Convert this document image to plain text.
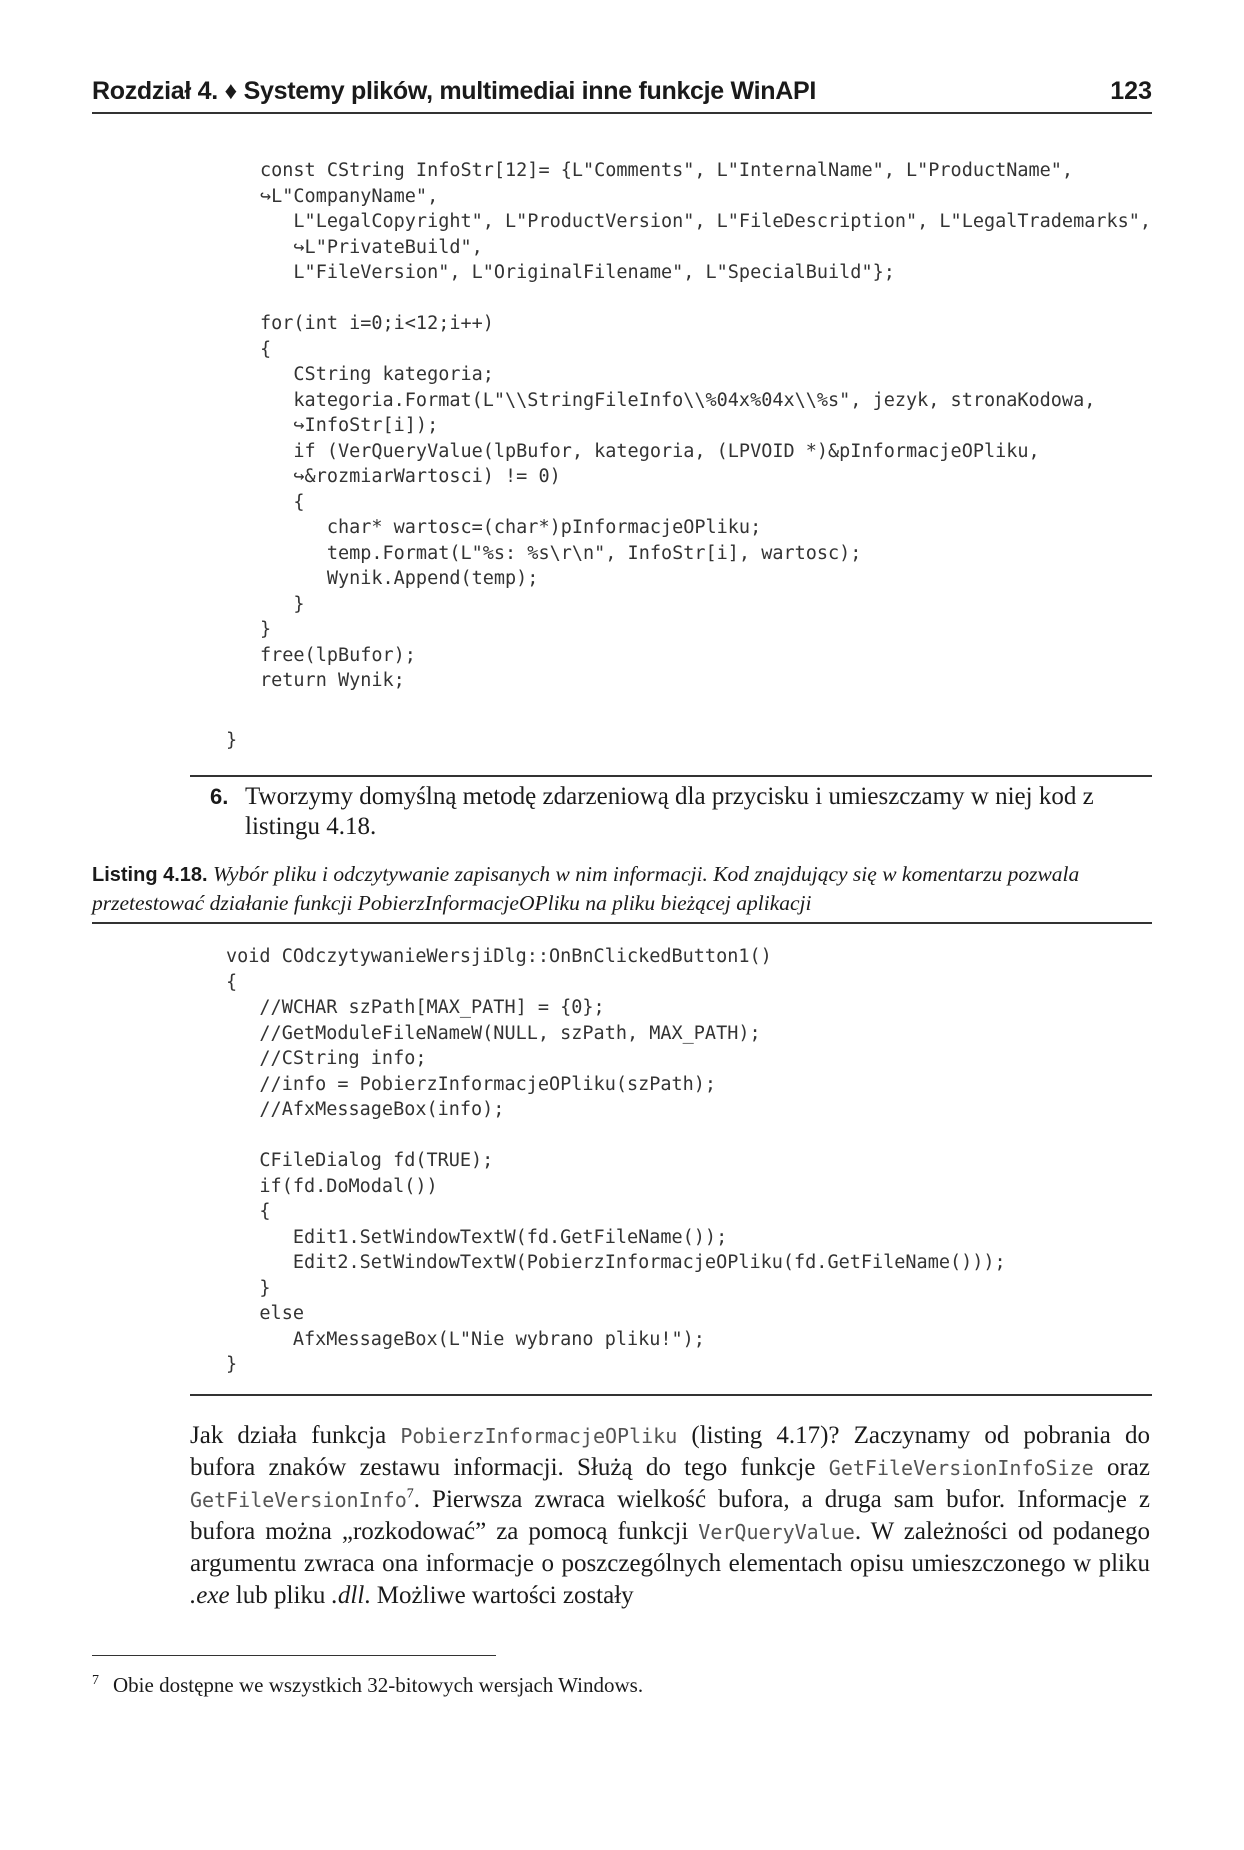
Rozdział 4. ♦ Systemy plików, multimediai inne funkcje WinAPI	123
const CString InfoStr[12]= {L"Comments", L"InternalName", L"ProductName",
↪L"CompanyName",
L"LegalCopyright", L"ProductVersion", L"FileDescription", L"LegalTrademarks",
↪L"PrivateBuild",
L"FileVersion", L"OriginalFilename", L"SpecialBuild"};
for(int i=0;i<12;i++)
{
CString kategoria;
kategoria.Format(L"\\StringFileInfo\\%04x%04x\\%s", jezyk, stronaKodowa,
↪InfoStr[i]);
if (VerQueryValue(lpBufor, kategoria, (LPVOID *)&pInformacjeOPliku,
↪&rozmiarWartosci) != 0)
{
char* wartosc=(char*)pInformacjeOPliku;
temp.Format(L"%s: %s\r\n", InfoStr[i], wartosc);
Wynik.Append(temp);
}
}
free(lpBufor);
return Wynik;
}
6. Tworzymy domyślną metodę zdarzeniową dla przycisku i umieszczamy w niej kod z listingu 4.18.
Listing 4.18. Wybór pliku i odczytywanie zapisanych w nim informacji. Kod znajdujący się w komentarzu pozwala przetestować działanie funkcji PobierzInformacjeOPliku na pliku bieżącej aplikacji
void COdczytywanieWersjiDlg::OnBnClickedButton1()
{
//WCHAR szPath[MAX_PATH] = {0};
//GetModuleFileNameW(NULL, szPath, MAX_PATH);
//CString info;
//info = PobierzInformacjeOPliku(szPath);
//AfxMessageBox(info);
CFileDialog fd(TRUE);
if(fd.DoModal())
{
Edit1.SetWindowTextW(fd.GetFileName());
Edit2.SetWindowTextW(PobierzInformacjeOPliku(fd.GetFileName()));
}
else
AfxMessageBox(L"Nie wybrano pliku!");
}
Jak działa funkcja PobierzInformacjeOPliku (listing 4.17)? Zaczynamy od pobrania do bufora znaków zestawu informacji. Służą do tego funkcje GetFileVersionInfoSize oraz GetFileVersionInfo$^7$. Pierwsza zwraca wielkość bufora, a druga sam bufor. Informacje z bufora można „rozkodować” za pomocą funkcji VerQueryValue. W zależności od podanego argumentu zwraca ona informacje o poszczególnych elementach opisu umieszczonego w pliku .exe lub pliku .dll. Możliwe wartości zostały
$^7$ Obie dostępne we wszystkich 32-bitowych wersjach Windows.
